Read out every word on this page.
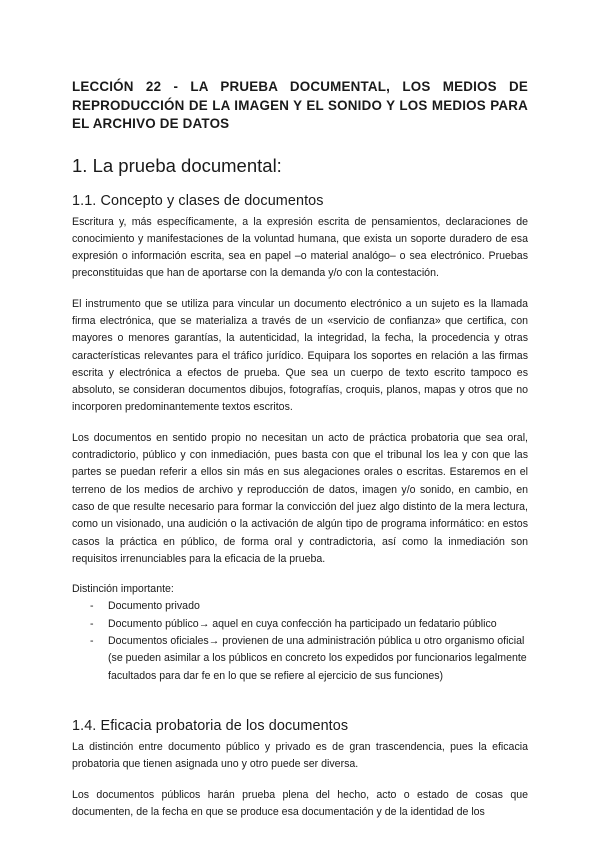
LECCIÓN 22 - LA PRUEBA DOCUMENTAL, LOS MEDIOS DE REPRODUCCIÓN DE LA IMAGEN Y EL SONIDO Y LOS MEDIOS PARA EL ARCHIVO DE DATOS

1. La prueba documental:
1.1. Concepto y clases de documentos

Escritura y, más específicamente, a la expresión escrita de pensamientos, declaraciones de conocimiento y manifestaciones de la voluntad humana, que exista un soporte duradero de esa expresión o información escrita, sea en papel –o material analógo– o sea electrónico. Pruebas preconstituidas que han de aportarse con la demanda y/o con la contestación.

El instrumento que se utiliza para vincular un documento electrónico a un sujeto es la llamada firma electrónica, que se materializa a través de un «servicio de confianza» que certifica, con mayores o menores garantías, la autenticidad, la integridad, la fecha, la procedencia y otras características relevantes para el tráfico jurídico. Equipara los soportes en relación a las firmas escrita y electrónica a efectos de prueba. Que sea un cuerpo de texto escrito tampoco es absoluto, se consideran documentos dibujos, fotografías, croquis, planos, mapas y otros que no incorporen predominantemente textos escritos.

Los documentos en sentido propio no necesitan un acto de práctica probatoria que sea oral, contradictorio, público y con inmediación, pues basta con que el tribunal los lea y con que las partes se puedan referir a ellos sin más en sus alegaciones orales o escritas. Estaremos en el terreno de los medios de archivo y reproducción de datos, imagen y/o sonido, en cambio, en caso de que resulte necesario para formar la convicción del juez algo distinto de la mera lectura, como un visionado, una audición o la activación de algún tipo de programa informático: en estos casos la práctica en público, de forma oral y contradictoria, así como la inmediación son requisitos irrenunciables para la eficacia de la prueba.

Distinción importante:
- Documento privado
- Documento público→ aquel en cuya confección ha participado un fedatario público
- Documentos oficiales→ provienen de una administración pública u otro organismo oficial (se pueden asimilar a los públicos en concreto los expedidos por funcionarios legalmente facultados para dar fe en lo que se refiere al ejercicio de sus funciones)
1.4. Eficacia probatoria de los documentos

La distinción entre documento público y privado es de gran trascendencia, pues la eficacia probatoria que tienen asignada uno y otro puede ser diversa.

Los documentos públicos harán prueba plena del hecho, acto o estado de cosas que documenten, de la fecha en que se produce esa documentación y de la identidad de los
